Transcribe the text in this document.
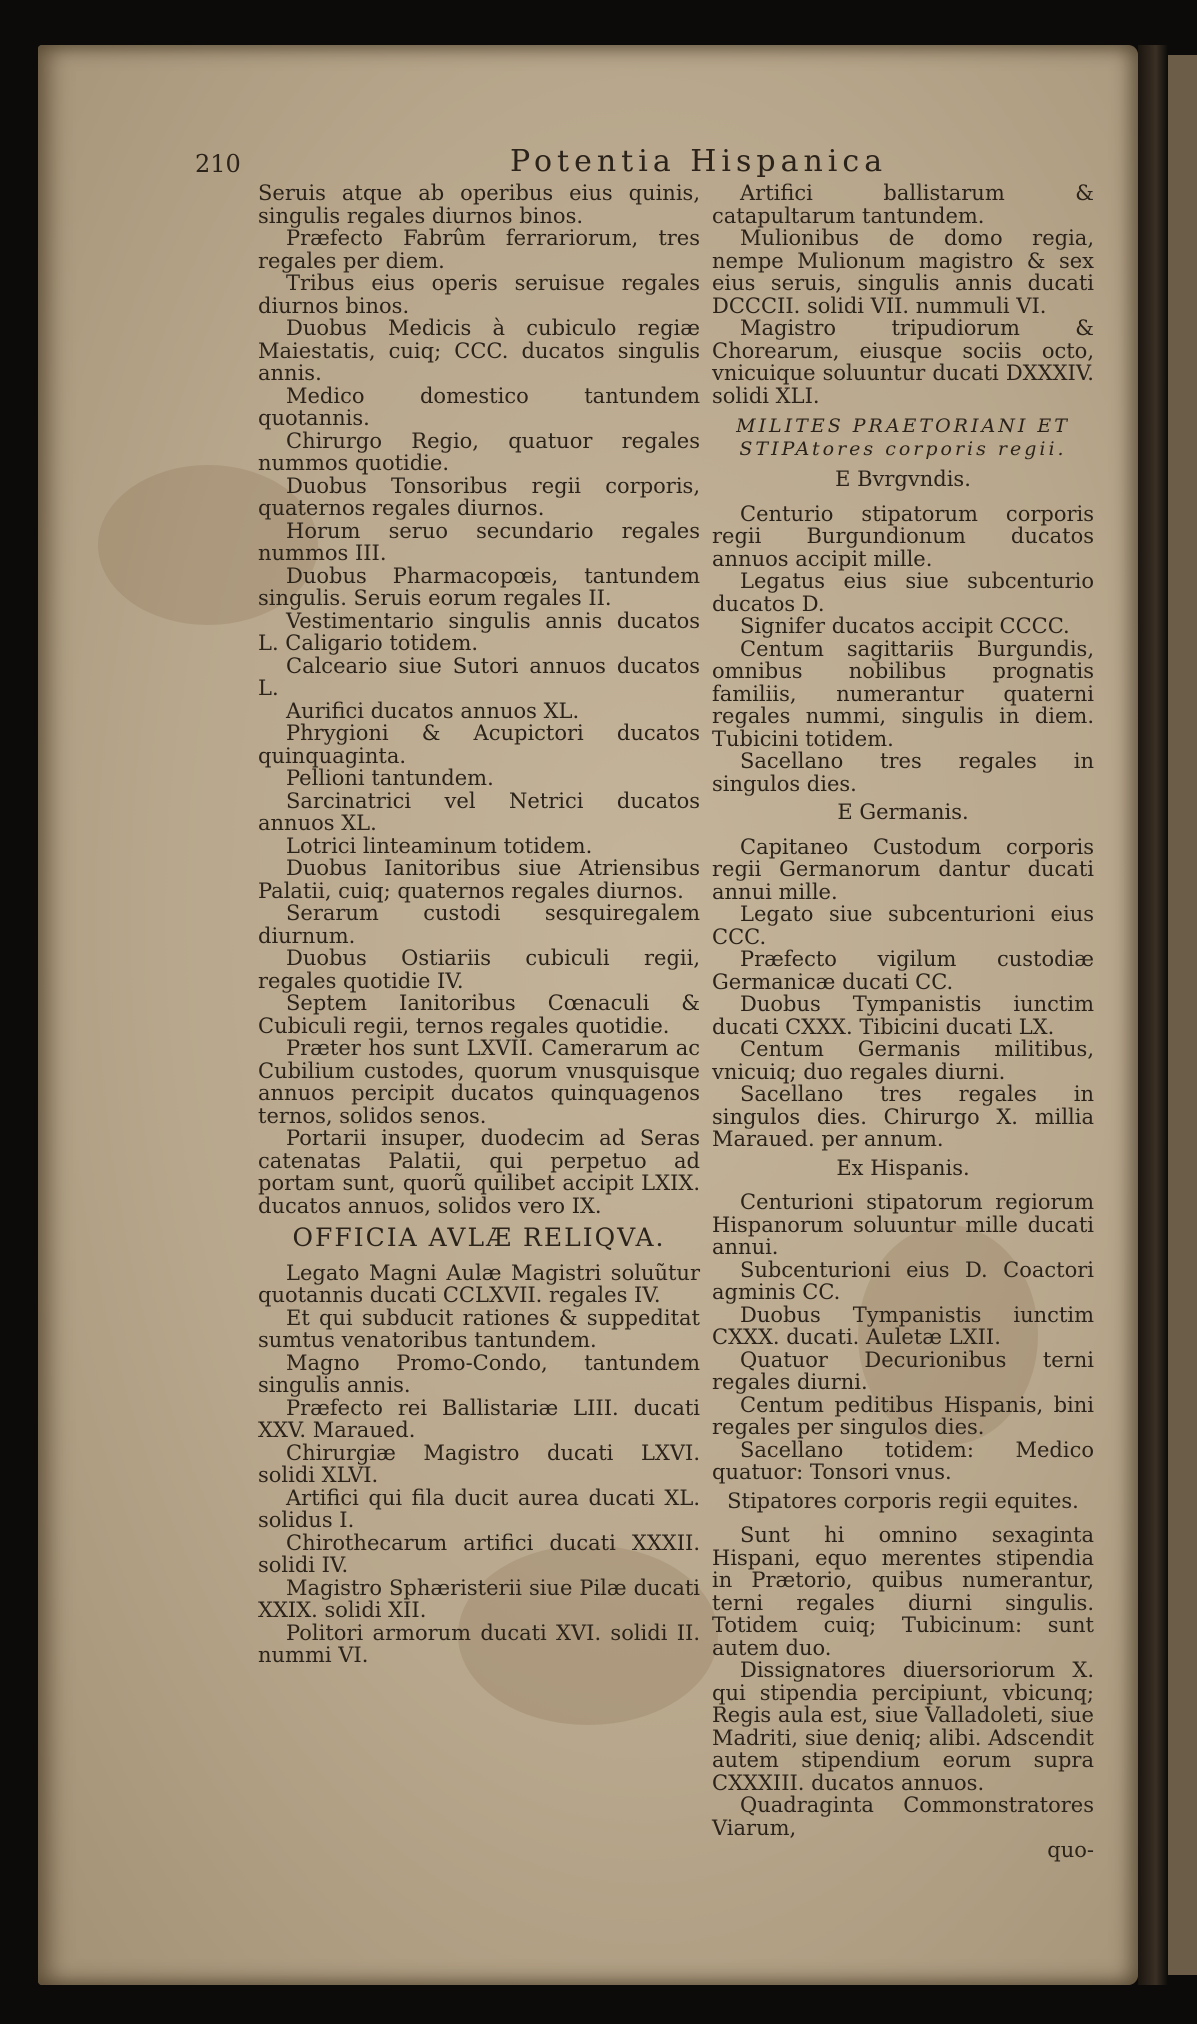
210	Potentia Hispanica

Seruis atque ab operibus eius quinis, singulis regales diurnos binos.

Præfecto Fabrûm ferrariorum, tres regales per diem.

Tribus eius operis seruisue regales diurnos binos.

Duobus Medicis à cubiculo regiæ Maiestatis, cuiq; CCC. ducatos singulis annis.

Medico domestico tantundem quotannis.

Chirurgo Regio, quatuor regales nummos quotidie.

Duobus Tonsoribus regii corporis, quaternos regales diurnos.

Horum seruo secundario regales nummos III.

Duobus Pharmacopœis, tantundem singulis. Seruis eorum regales II.

Vestimentario singulis annis ducatos L. Caligario totidem.

Calceario siue Sutori annuos ducatos L.

Aurifici ducatos annuos XL.

Phrygioni & Acupictori ducatos quinquaginta.

Pellioni tantundem.

Sarcinatrici vel Netrici ducatos annuos XL.

Lotrici linteaminum totidem.

Duobus Ianitoribus siue Atriensibus Palatii, cuiq; quaternos regales diurnos.

Serarum custodi sesquiregalem diurnum.

Duobus Ostiariis cubiculi regii, regales quotidie IV.

Septem Ianitoribus Cœnaculi & Cubiculi regii, ternos regales quotidie.

Præter hos sunt LXVII. Camerarum ac Cubilium custodes, quorum vnusquisque annuos percipit ducatos quinquagenos ternos, solidos senos.

Portarii insuper, duodecim ad Seras catenatas Palatii, qui perpetuo ad portam sunt, quorũ quilibet accipit LXIX. ducatos annuos, solidos vero IX.

OFFICIA AVLÆ RELIQVA.

Legato Magni Aulæ Magistri soluũtur quotannis ducati CCLXVII. regales IV.

Et qui subducit rationes & suppeditat sumtus venatoribus tantundem.

Magno Promo-Condo, tantundem singulis annis.

Præfecto rei Ballistariæ LIII. ducati XXV. Maraued.

Chirurgiæ Magistro ducati LXVI. solidi XLVI.

Artifici qui fila ducit aurea ducati XL. solidus I.

Chirothecarum artifici ducati XXXII. solidi IV.

Magistro Sphæristerii siue Pilæ ducati XXIX. solidi XII.

Politori armorum ducati XVI. solidi II. nummi VI.

Artifici ballistarum & catapultarum tantundem.

Mulionibus de domo regia, nempe Mulionum magistro & sex eius seruis, singulis annis ducati DCCCII. solidi VII. nummuli VI.

Magistro tripudiorum & Chorearum, eiusque sociis octo, vnicuique soluuntur ducati DXXXIV. solidi XLI.

MILITES PRAETORIANI ET STIPAtores corporis regii.

E Bvrgvndis.

Centurio stipatorum corporis regii Burgundionum ducatos annuos accipit mille.

Legatus eius siue subcenturio ducatos D.

Signifer ducatos accipit CCCC.

Centum sagittariis Burgundis, omnibus nobilibus prognatis familiis, numerantur quaterni regales nummi, singulis in diem. Tubicini totidem.

Sacellano tres regales in singulos dies.

E Germanis.

Capitaneo Custodum corporis regii Germanorum dantur ducati annui mille.

Legato siue subcenturioni eius CCC.

Præfecto vigilum custodiæ Germanicæ ducati CC.

Duobus Tympanistis iunctim ducati CXXX. Tibicini ducati LX.

Centum Germanis militibus, vnicuiq; duo regales diurni.

Sacellano tres regales in singulos dies. Chirurgo X. millia Maraued. per annum.

Ex Hispanis.

Centurioni stipatorum regiorum Hispanorum soluuntur mille ducati annui.

Subcenturioni eius D. Coactori agminis CC.

Duobus Tympanistis iunctim CXXX. ducati. Auletæ LXII.

Quatuor Decurionibus terni regales diurni.

Centum peditibus Hispanis, bini regales per singulos dies.

Sacellano totidem: Medico quatuor: Tonsori vnus.

Stipatores corporis regii equites.

Sunt hi omnino sexaginta Hispani, equo merentes stipendia in Prætorio, quibus numerantur, terni regales diurni singulis. Totidem cuiq; Tubicinum: sunt autem duo.

Dissignatores diuersoriorum X. qui stipendia percipiunt, vbicunq; Regis aula est, siue Valladoleti, siue Madriti, siue deniq; alibi. Adscendit autem stipendium eorum supra CXXXIII. ducatos annuos.

Quadraginta Commonstratores Viarum,

quo-
